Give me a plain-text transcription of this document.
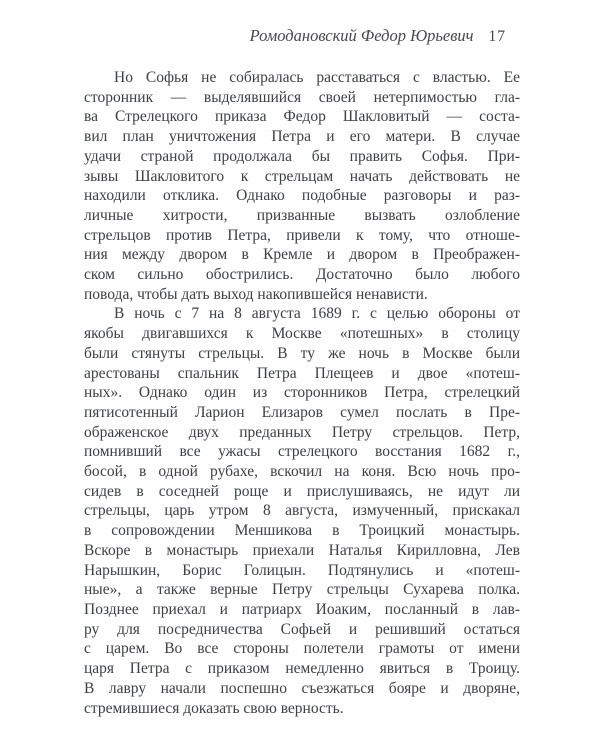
Ромодановский Федор Юрьевич 17

Но Софья не собиралась расставаться с властью. Ее
сторонник — выделявшийся своей нетерпимостью гла-
ва Стрелецкого приказа Федор Шакловитый — соста-
вил план уничтожения Петра и его матери. В случае
удачи страной продолжала бы править Софья. При-
зывы Шакловитого к стрельцам начать действовать не
находили отклика. Однако подобные разговоры и раз-
личные хитрости, призванные вызвать озлобление
стрельцов против Петра, привели к тому, что отноше-
ния между двором в Кремле и двором в Преображен-
ском сильно обострились. Достаточно было любого
повода, чтобы дать выход накопившейся ненависти.

В ночь с 7 на 8 августа 1689 г. с целью обороны от
якобы двигавшихся к Москве «потешных» в столицу
были стянуты стрельцы. В ту же ночь в Москве были
арестованы спальник Петра Плещеев и двое «потеш-
ных». Однако один из сторонников Петра, стрелецкий
пятисотенный Ларион Елизаров сумел послать в Пре-
ображенское двух преданных Петру стрельцов. Петр,
помнивший все ужасы стрелецкого восстания 1682 г.,
босой, в одной рубахе, вскочил на коня. Всю ночь про-
сидев в соседней роще и прислушиваясь, не идут ли
стрельцы, царь утром 8 августа, измученный, прискакал
в сопровождении Меншикова в Троицкий монастырь.
Вскоре в монастырь приехали Наталья Кирилловна, Лев
Нарышкин, Борис Голицын. Подтянулись и «потеш-
ные», а также верные Петру стрельцы Сухарева полка.
Позднее приехал и патриарх Иоаким, посланный в лав-
ру для посредничества Софьей и решивший остаться
с царем. Во все стороны полетели грамоты от имени
царя Петра с приказом немедленно явиться в Троицу.
В лавру начали поспешно съезжаться бояре и дворяне,
стремившиеся доказать свою верность.
